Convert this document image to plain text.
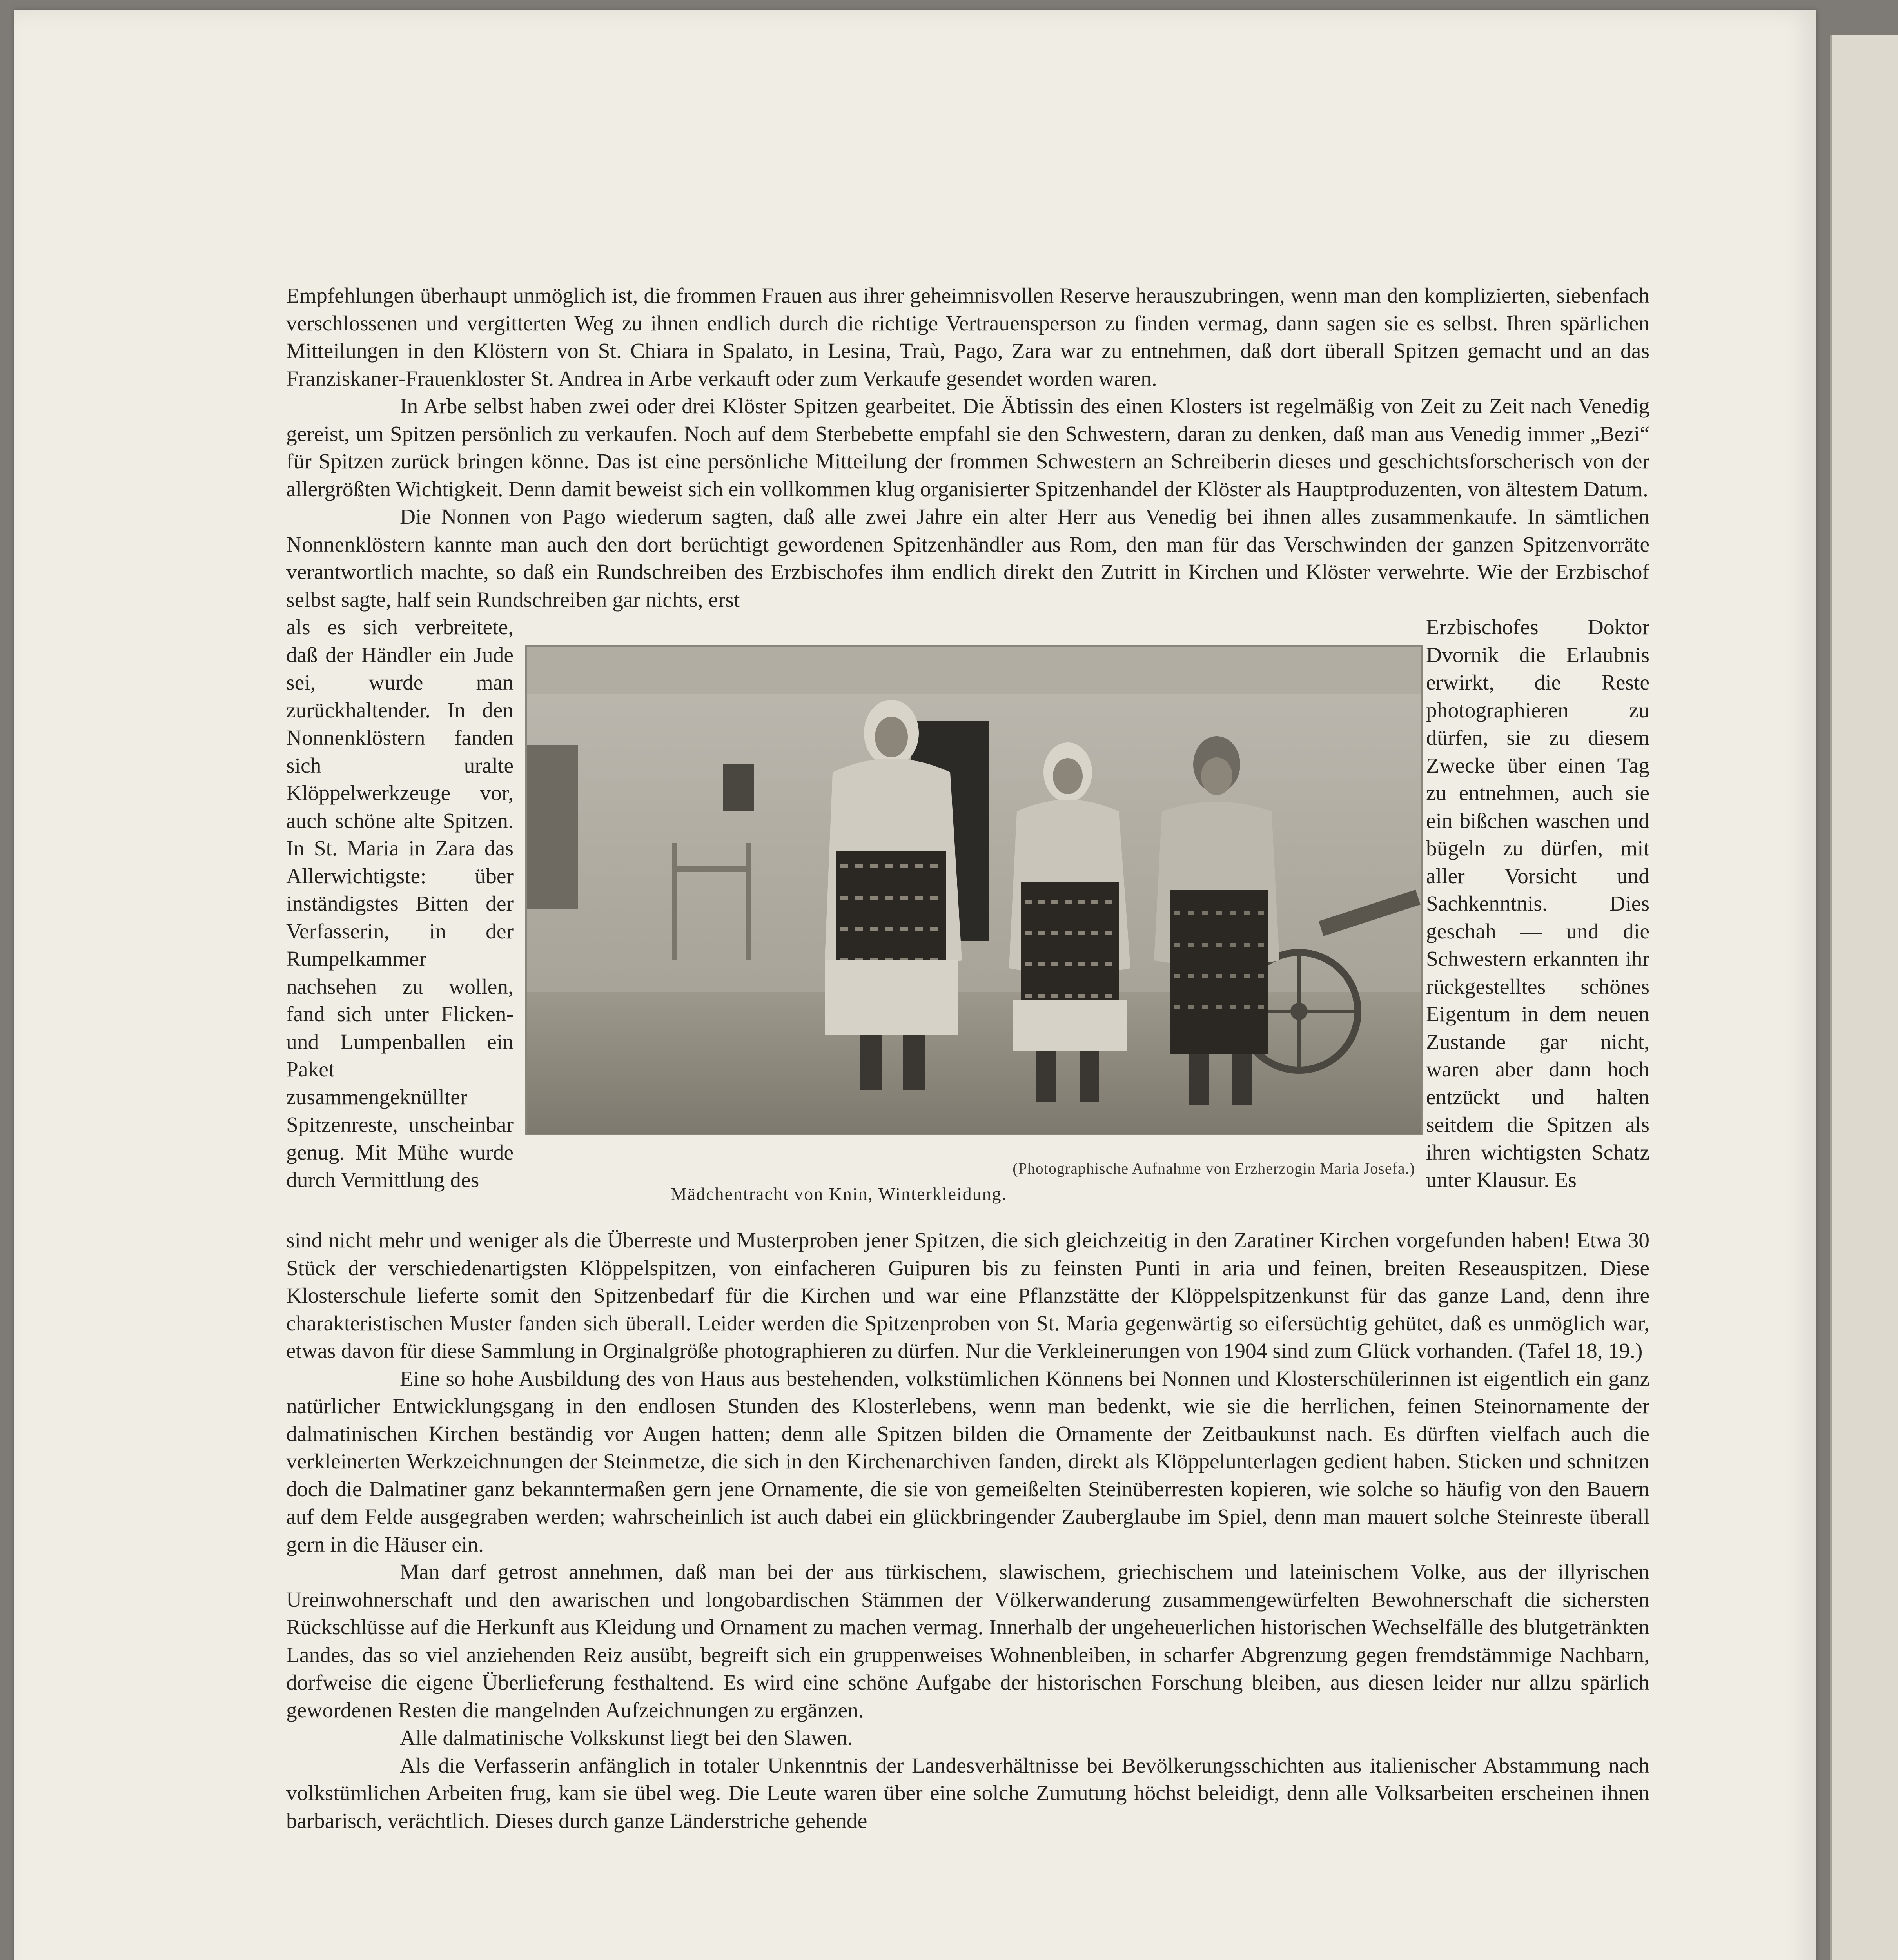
Empfehlungen überhaupt unmöglich ist, die frommen Frauen aus ihrer geheimnisvollen Reserve herauszubringen, wenn man den komplizierten, siebenfach verschlossenen und vergitterten Weg zu ihnen endlich durch die richtige Vertrauensperson zu finden vermag, dann sagen sie es selbst. Ihren spärlichen Mitteilungen in den Klöstern von St. Chiara in Spalato, in Lesina, Traù, Pago, Zara war zu entnehmen, daß dort überall Spitzen gemacht und an das Franziskaner-Frauenkloster St. Andrea in Arbe verkauft oder zum Verkaufe gesendet worden waren.

In Arbe selbst haben zwei oder drei Klöster Spitzen gearbeitet. Die Äbtissin des einen Klosters ist regelmäßig von Zeit zu Zeit nach Venedig gereist, um Spitzen persönlich zu verkaufen. Noch auf dem Sterbebette empfahl sie den Schwestern, daran zu denken, daß man aus Venedig immer „Bezi“ für Spitzen zurück bringen könne. Das ist eine persönliche Mitteilung der frommen Schwestern an Schreiberin dieses und geschichtsforscherisch von der allergrößten Wichtigkeit. Denn damit beweist sich ein vollkommen klug organisierter Spitzenhandel der Klöster als Hauptproduzenten, von ältestem Datum.

Die Nonnen von Pago wiederum sagten, daß alle zwei Jahre ein alter Herr aus Venedig bei ihnen alles zusammenkaufe. In sämtlichen Nonnenklöstern kannte man auch den dort berüchtigt gewordenen Spitzenhändler aus Rom, den man für das Verschwinden der ganzen Spitzenvorräte verantwortlich machte, so daß ein Rundschreiben des Erzbischofes ihm endlich direkt den Zutritt in Kirchen und Klöster verwehrte. Wie der Erzbischof selbst sagte, half sein Rundschreiben gar nichts, erst

als es sich verbreitete, daß der Händler ein Jude sei, wurde man zurückhaltender. In den Nonnenklöstern fanden sich uralte Klöppelwerkzeuge vor, auch schöne alte Spitzen. In St. Maria in Zara das Allerwichtigste: über inständigstes Bitten der Verfasserin, in der Rumpelkammer nachsehen zu wollen, fand sich unter Flicken- und Lumpenballen ein Paket zusammengeknüllter Spitzenreste, unscheinbar genug. Mit Mühe wurde durch Vermittlung des	(Photographische Aufnahme von Erzherzogin Maria Josefa.)
Mädchentracht von Knin, Winterkleidung.
Erzbischofes Doktor Dvornik die Erlaubnis erwirkt, die Reste photographieren zu dürfen, sie zu diesem Zwecke über einen Tag zu entnehmen, auch sie ein bißchen waschen und bügeln zu dürfen, mit aller Vorsicht und Sachkenntnis. Dies geschah — und die Schwestern erkannten ihr rückgestelltes schönes Eigentum in dem neuen Zustande gar nicht, waren aber dann hoch entzückt und halten seitdem die Spitzen als ihren wichtigsten Schatz unter Klausur. Es

sind nicht mehr und weniger als die Überreste und Musterproben jener Spitzen, die sich gleichzeitig in den Zaratiner Kirchen vorgefunden haben! Etwa 30 Stück der verschiedenartigsten Klöppelspitzen, von einfacheren Guipuren bis zu feinsten Punti in aria und feinen, breiten Reseauspitzen. Diese Klosterschule lieferte somit den Spitzenbedarf für die Kirchen und war eine Pflanzstätte der Klöppelspitzenkunst für das ganze Land, denn ihre charakteristischen Muster fanden sich überall. Leider werden die Spitzenproben von St. Maria gegenwärtig so eifersüchtig gehütet, daß es unmöglich war, etwas davon für diese Sammlung in Orginalgröße photographieren zu dürfen. Nur die Verkleinerungen von 1904 sind zum Glück vorhanden. (Tafel 18, 19.)

Eine so hohe Ausbildung des von Haus aus bestehenden, volkstümlichen Könnens bei Nonnen und Klosterschülerinnen ist eigentlich ein ganz natürlicher Entwicklungsgang in den endlosen Stunden des Klosterlebens, wenn man bedenkt, wie sie die herrlichen, feinen Steinornamente der dalmatinischen Kirchen beständig vor Augen hatten; denn alle Spitzen bilden die Ornamente der Zeitbaukunst nach. Es dürften vielfach auch die verkleinerten Werkzeichnungen der Steinmetze, die sich in den Kirchenarchiven fanden, direkt als Klöppelunterlagen gedient haben. Sticken und schnitzen doch die Dalmatiner ganz bekanntermaßen gern jene Ornamente, die sie von gemeißelten Steinüberresten kopieren, wie solche so häufig von den Bauern auf dem Felde ausgegraben werden; wahrscheinlich ist auch dabei ein glückbringender Zauberglaube im Spiel, denn man mauert solche Steinreste überall gern in die Häuser ein.

Man darf getrost annehmen, daß man bei der aus türkischem, slawischem, griechischem und lateinischem Volke, aus der illyrischen Ureinwohnerschaft und den awarischen und longobardischen Stämmen der Völkerwanderung zusammengewürfelten Bewohnerschaft die sichersten Rückschlüsse auf die Herkunft aus Kleidung und Ornament zu machen vermag. Innerhalb der ungeheuerlichen historischen Wechselfälle des blutgetränkten Landes, das so viel anziehenden Reiz ausübt, begreift sich ein gruppenweises Wohnenbleiben, in scharfer Abgrenzung gegen fremdstämmige Nachbarn, dorfweise die eigene Überlieferung festhaltend. Es wird eine schöne Aufgabe der historischen Forschung bleiben, aus diesen leider nur allzu spärlich gewordenen Resten die mangelnden Aufzeichnungen zu ergänzen.

Alle dalmatinische Volkskunst liegt bei den Slawen.

Als die Verfasserin anfänglich in totaler Unkenntnis der Landesverhältnisse bei Bevölkerungsschichten aus italienischer Abstammung nach volkstümlichen Arbeiten frug, kam sie übel weg. Die Leute waren über eine solche Zumutung höchst beleidigt, denn alle Volksarbeiten erscheinen ihnen barbarisch, verächtlich. Dieses durch ganze Länderstriche gehende
